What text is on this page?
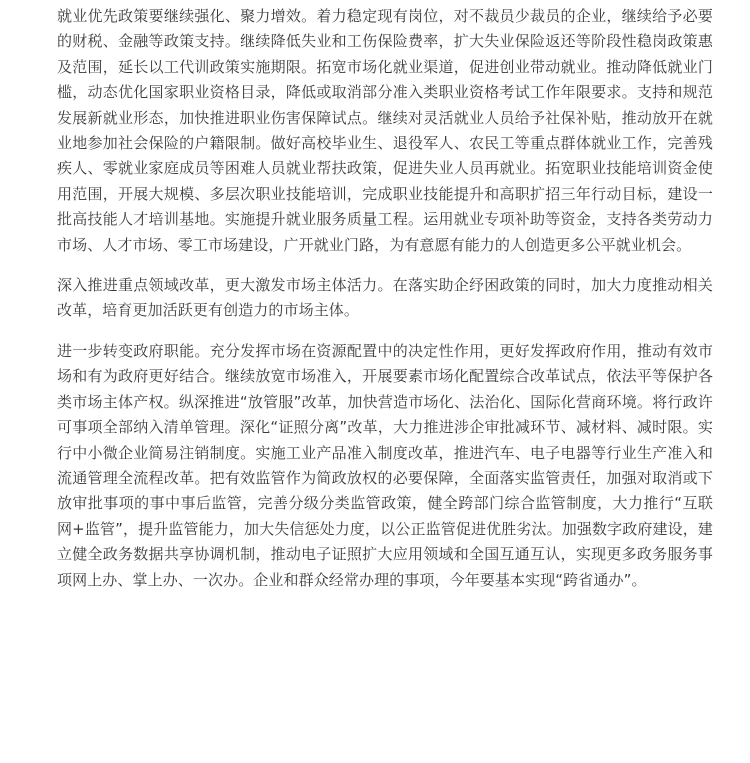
就业优先政策要继续强化、聚力增效。着力稳定现有岗位，对不裁员少裁员的企业，继续给予必要的财税、金融等政策支持。继续降低失业和工伤保险费率，扩大失业保险返还等阶段性稳岗政策惠及范围，延长以工代训政策实施期限。拓宽市场化就业渠道，促进创业带动就业。推动降低就业门槛，动态优化国家职业资格目录，降低或取消部分准入类职业资格考试工作年限要求。支持和规范发展新就业形态，加快推进职业伤害保障试点。继续对灵活就业人员给予社保补贴，推动放开在就业地参加社会保险的户籍限制。做好高校毕业生、退役军人、农民工等重点群体就业工作，完善残疾人、零就业家庭成员等困难人员就业帮扶政策，促进失业人员再就业。拓宽职业技能培训资金使用范围，开展大规模、多层次职业技能培训，完成职业技能提升和高职扩招三年行动目标，建设一批高技能人才培训基地。实施提升就业服务质量工程。运用就业专项补助等资金，支持各类劳动力市场、人才市场、零工市场建设，广开就业门路，为有意愿有能力的人创造更多公平就业机会。

深入推进重点领域改革，更大激发市场主体活力。在落实助企纾困政策的同时，加大力度推动相关改革，培育更加活跃更有创造力的市场主体。

进一步转变政府职能。充分发挥市场在资源配置中的决定性作用，更好发挥政府作用，推动有效市场和有为政府更好结合。继续放宽市场准入，开展要素市场化配置综合改革试点，依法平等保护各类市场主体产权。纵深推进“放管服”改革，加快营造市场化、法治化、国际化营商环境。将行政许可事项全部纳入清单管理。深化“证照分离”改革，大力推进涉企审批减环节、减材料、减时限。实行中小微企业简易注销制度。实施工业产品准入制度改革，推进汽车、电子电器等行业生产准入和流通管理全流程改革。把有效监管作为简政放权的必要保障，全面落实监管责任，加强对取消或下放审批事项的事中事后监管，完善分级分类监管政策，健全跨部门综合监管制度，大力推行“互联网+监管”，提升监管能力，加大失信惩处力度，以公正监管促进优胜劣汰。加强数字政府建设，建立健全政务数据共享协调机制，推动电子证照扩大应用领域和全国互通互认，实现更多政务服务事项网上办、掌上办、一次办。企业和群众经常办理的事项，今年要基本实现“跨省通办”。
